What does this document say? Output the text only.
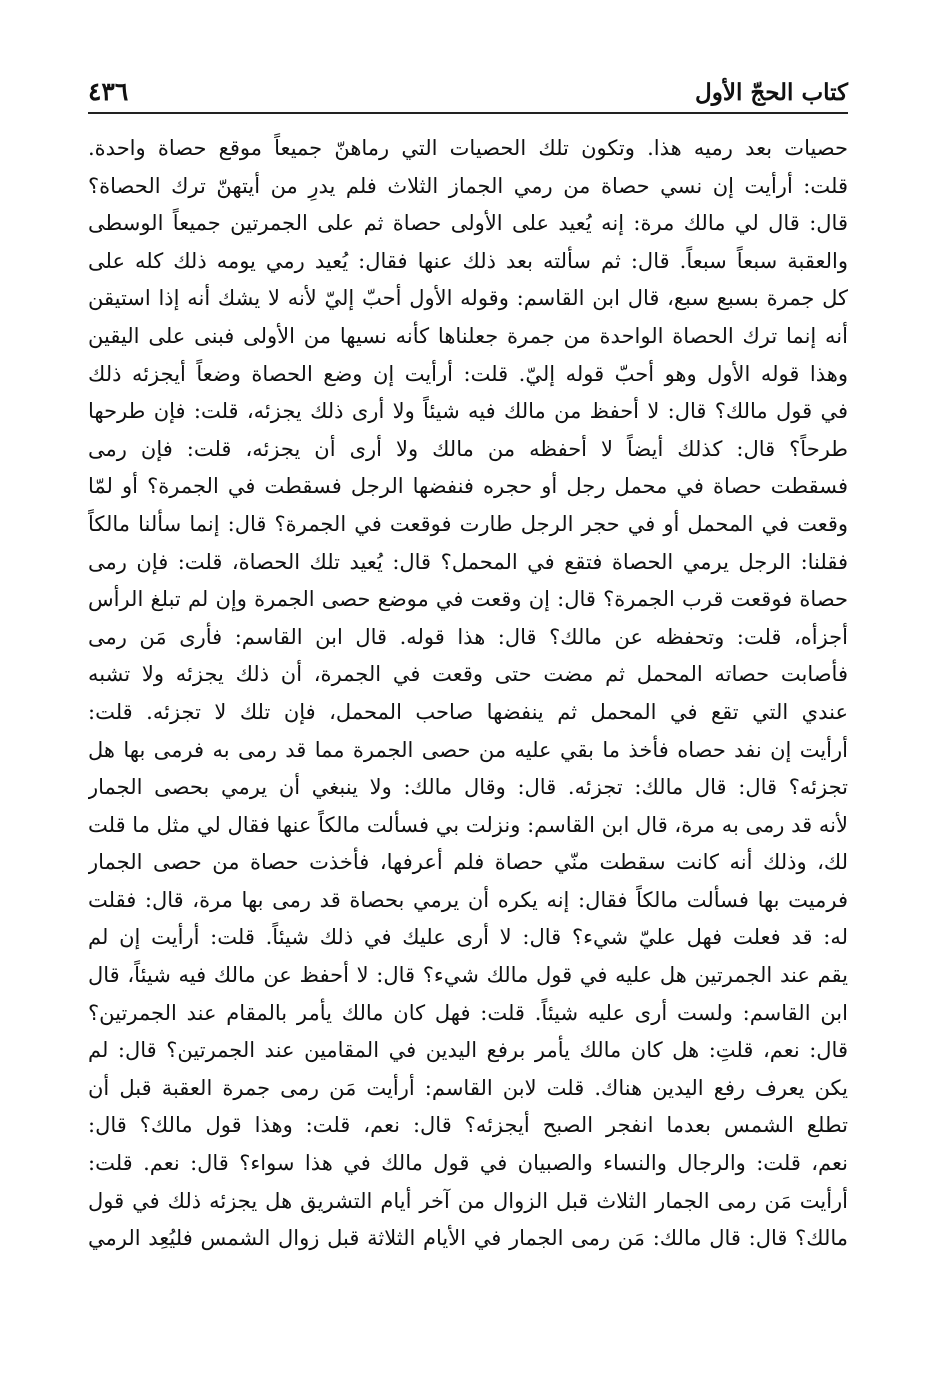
كتاب الحجّ الأول
٤٣٦
حصيات بعد رميه هذا. وتكون تلك الحصيات التي رماهنّ جميعاً موقع حصاة واحدة.
قلت: أرأيت إن نسي حصاة من رمي الجماز الثلاث فلم يدرِ من أيتهنّ ترك الحصاة؟
قال: قال لي مالك مرة: إنه يُعيد على الأولى حصاة ثم على الجمرتين جميعاً الوسطى
والعقبة سبعاً سبعاً. قال: ثم سألته بعد ذلك عنها فقال: يُعيد رمي يومه ذلك كله على
كل جمرة بسبع سبع، قال ابن القاسم: وقوله الأول أحبّ إليّ لأنه لا يشك أنه إذا استيقن
أنه إنما ترك الحصاة الواحدة من جمرة جعلناها كأنه نسيها من الأولى فبنى على اليقين
وهذا قوله الأول وهو أحبّ قوله إليّ. قلت: أرأيت إن وضع الحصاة وضعاً أيجزئه ذلك
في قول مالك؟ قال: لا أحفظ من مالك فيه شيئاً ولا أرى ذلك يجزئه، قلت: فإن طرحها
طرحاً؟ قال: كذلك أيضاً لا أحفظه من مالك ولا أرى أن يجزئه، قلت: فإن رمى
فسقطت حصاة في محمل رجل أو حجره فنفضها الرجل فسقطت في الجمرة؟ أو لمّا
وقعت في المحمل أو في حجر الرجل طارت فوقعت في الجمرة؟ قال: إنما سألنا مالكاً
فقلنا: الرجل يرمي الحصاة فتقع في المحمل؟ قال: يُعيد تلك الحصاة، قلت: فإن رمى
حصاة فوقعت قرب الجمرة؟ قال: إن وقعت في موضع حصى الجمرة وإن لم تبلغ الرأس
أجزأه، قلت: وتحفظه عن مالك؟ قال: هذا قوله. قال ابن القاسم: فأرى مَن رمى
فأصابت حصاته المحمل ثم مضت حتى وقعت في الجمرة، أن ذلك يجزئه ولا تشبه
عندي التي تقع في المحمل ثم ينفضها صاحب المحمل، فإن تلك لا تجزئه. قلت:
أرأيت إن نفد حصاه فأخذ ما بقي عليه من حصى الجمرة مما قد رمى به فرمى بها هل
تجزئه؟ قال: قال مالك: تجزئه. قال: وقال مالك: ولا ينبغي أن يرمي بحصى الجمار
لأنه قد رمى به مرة، قال ابن القاسم: ونزلت بي فسألت مالكاً عنها فقال لي مثل ما قلت
لك، وذلك أنه كانت سقطت منّي حصاة فلم أعرفها، فأخذت حصاة من حصى الجمار
فرميت بها فسألت مالكاً فقال: إنه يكره أن يرمي بحصاة قد رمى بها مرة، قال: فقلت
له: قد فعلت فهل عليّ شيء؟ قال: لا أرى عليك في ذلك شيئاً. قلت: أرأيت إن لم
يقم عند الجمرتين هل عليه في قول مالك شيء؟ قال: لا أحفظ عن مالك فيه شيئاً، قال
ابن القاسم: ولست أرى عليه شيئاً. قلت: فهل كان مالك يأمر بالمقام عند الجمرتين؟
قال: نعم، قلتِ: هل كان مالك يأمر برفع اليدين في المقامين عند الجمرتين؟ قال: لم
يكن يعرف رفع اليدين هناك. قلت لابن القاسم: أرأيت مَن رمى جمرة العقبة قبل أن
تطلع الشمس بعدما انفجر الصبح أيجزئه؟ قال: نعم، قلت: وهذا قول مالك؟ قال:
نعم، قلت: والرجال والنساء والصبيان في قول مالك في هذا سواء؟ قال: نعم. قلت:
أرأيت مَن رمى الجمار الثلاث قبل الزوال من آخر أيام التشريق هل يجزئه ذلك في قول
مالك؟ قال: قال مالك: مَن رمى الجمار في الأيام الثلاثة قبل زوال الشمس فليُعِد الرمي
